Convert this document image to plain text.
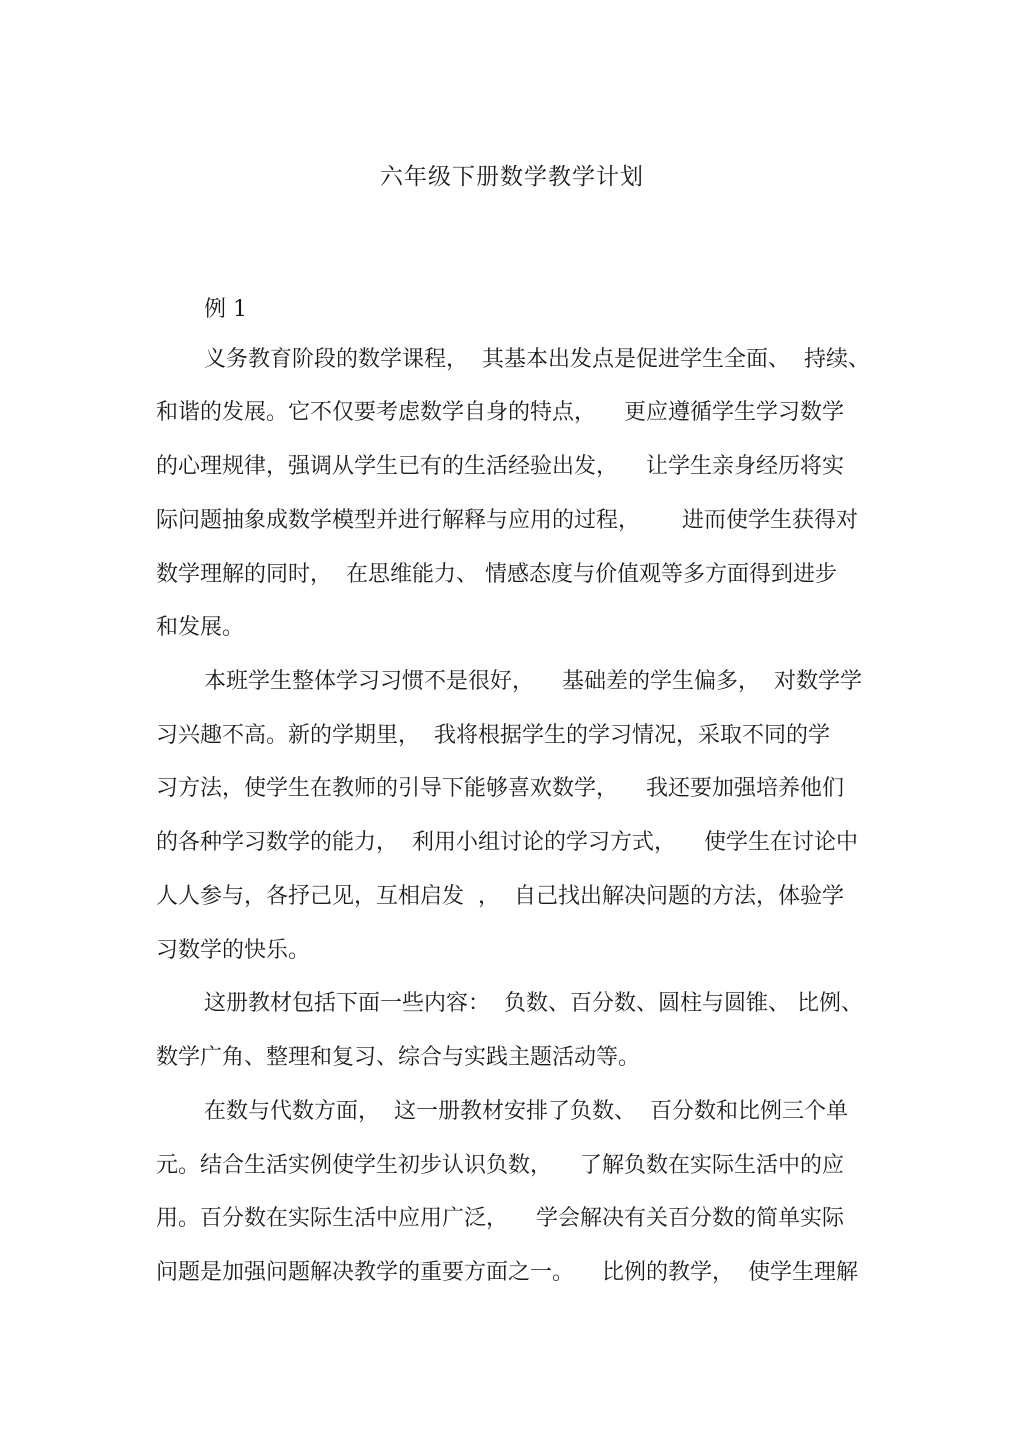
六年级下册数学教学计划
例 1
义务教育阶段的数学课程，  其基本出发点是促进学生全面、  持续、
和谐的发展。它不仅要考虑数学自身的特点，    更应遵循学生学习数学
的心理规律，强调从学生已有的生活经验出发，    让学生亲身经历将实
际问题抽象成数学模型并进行解释与应用的过程，      进而使学生获得对
数学理解的同时，  在思维能力、 情感态度与价值观等多方面得到进步
和发展。
本班学生整体学习习惯不是很好，    基础差的学生偏多，  对数学学
习兴趣不高。新的学期里，  我将根据学生的学习情况，采取不同的学
习方法，使学生在教师的引导下能够喜欢数学，    我还要加强培养他们
的各种学习数学的能力，  利用小组讨论的学习方式，    使学生在讨论中
人人参与，各抒己见，互相启发  ，  自己找出解决问题的方法，体验学
习数学的快乐。
这册教材包括下面一些内容：  负数、百分数、圆柱与圆锥、 比例、
数学广角、整理和复习、综合与实践主题活动等。
在数与代数方面，  这一册教材安排了负数、  百分数和比例三个单
元。结合生活实例使学生初步认识负数，    了解负数在实际生活中的应
用。百分数在实际生活中应用广泛，    学会解决有关百分数的简单实际
问题是加强问题解决教学的重要方面之一。    比例的教学，  使学生理解
